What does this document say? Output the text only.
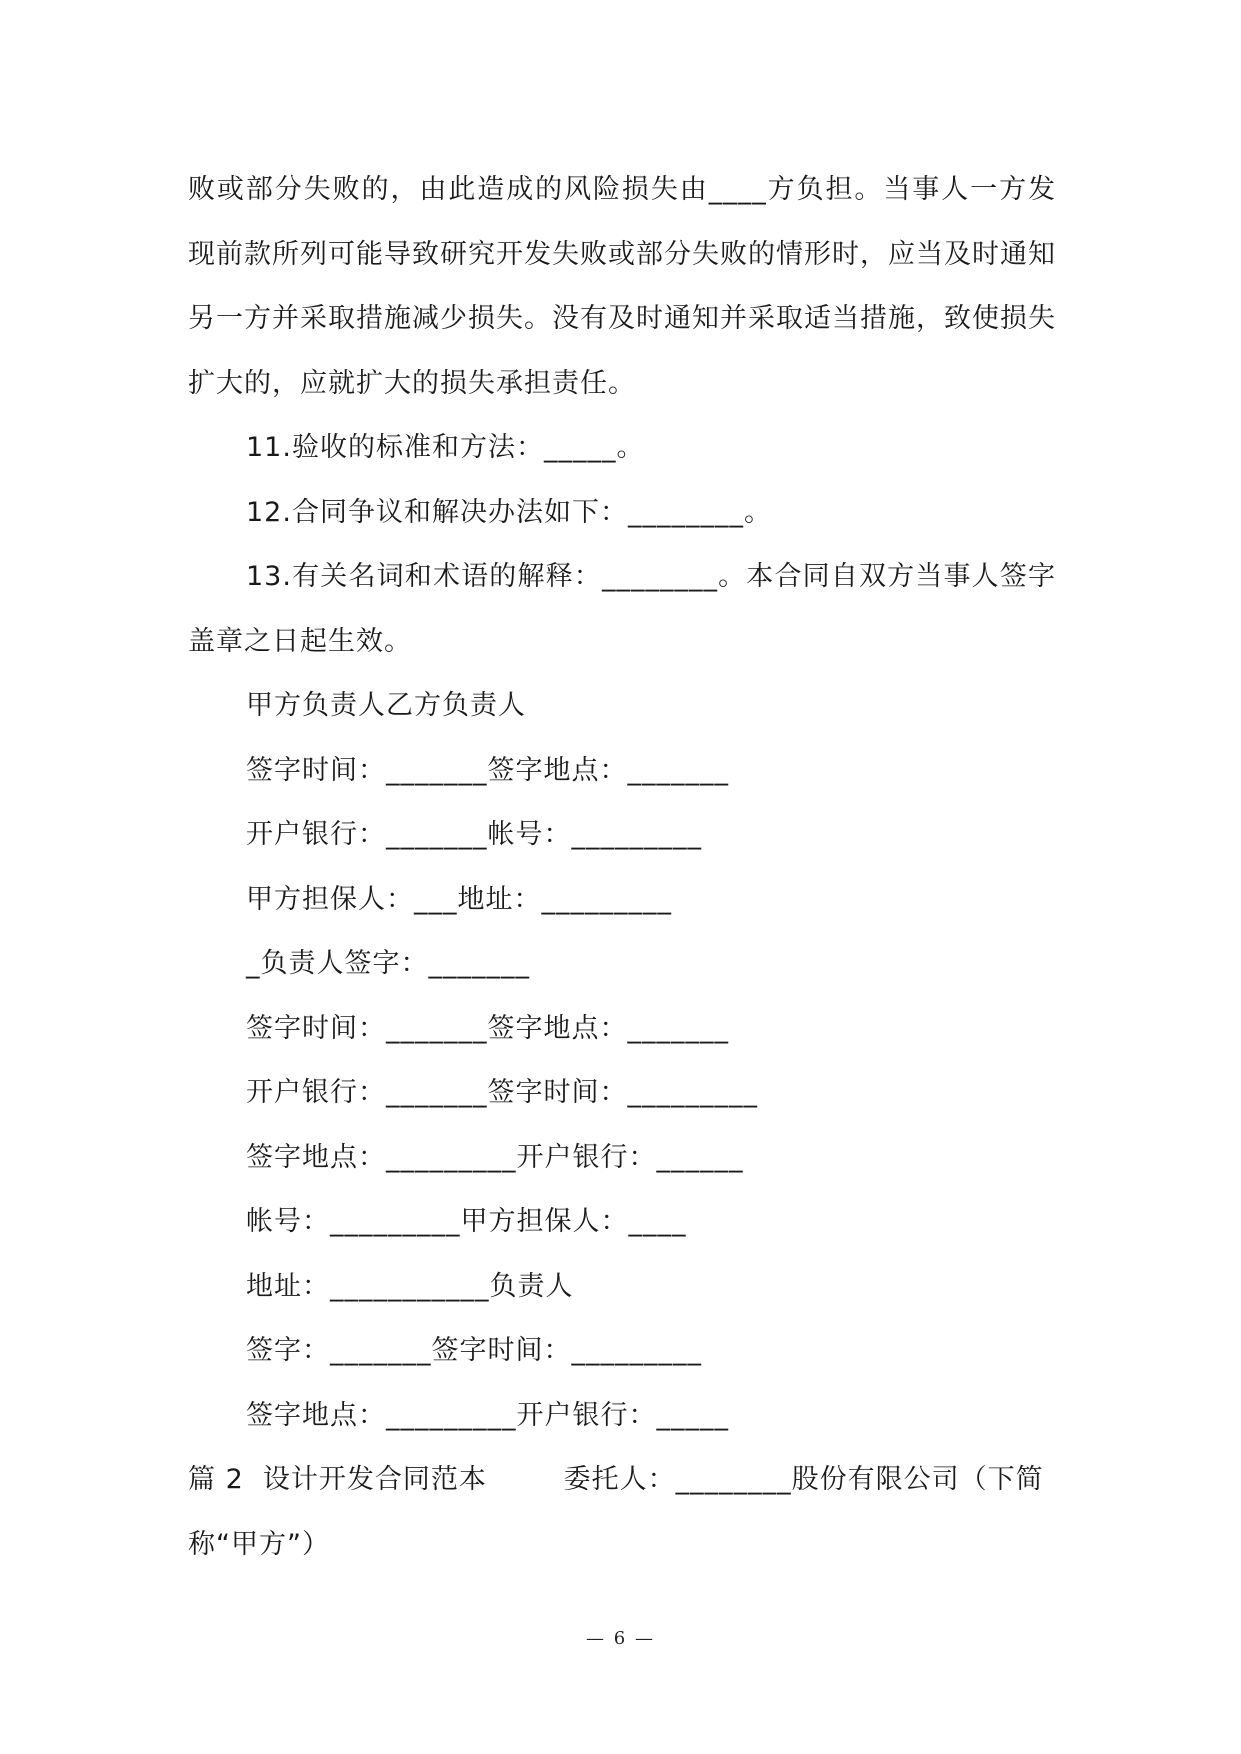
败或部分失败的，由此造成的风险损失由____方负担。当事人一方发现前款所列可能导致研究开发失败或部分失败的情形时，应当及时通知另一方并采取措施减少损失。没有及时通知并采取适当措施，致使损失扩大的，应就扩大的损失承担责任。

11.验收的标准和方法：_____。

12.合同争议和解决办法如下：________。

13.有关名词和术语的解释：________。本合同自双方当事人签字盖章之日起生效。

甲方负责人乙方负责人

签字时间：_______签字地点：_______

开户银行：_______帐号：_________

甲方担保人：___地址：_________

_负责人签字：_______

签字时间：_______签字地点：_______

开户银行：_______签字时间：_________

签字地点：_________开户银行：______

帐号：_________甲方担保人：____

地址：___________负责人

签字：_______签字时间：_________

签字地点：_________开户银行：_____

篇 2  设计开发合同范本        委托人：________股份有限公司（下简称“甲方”）

— 6 —
